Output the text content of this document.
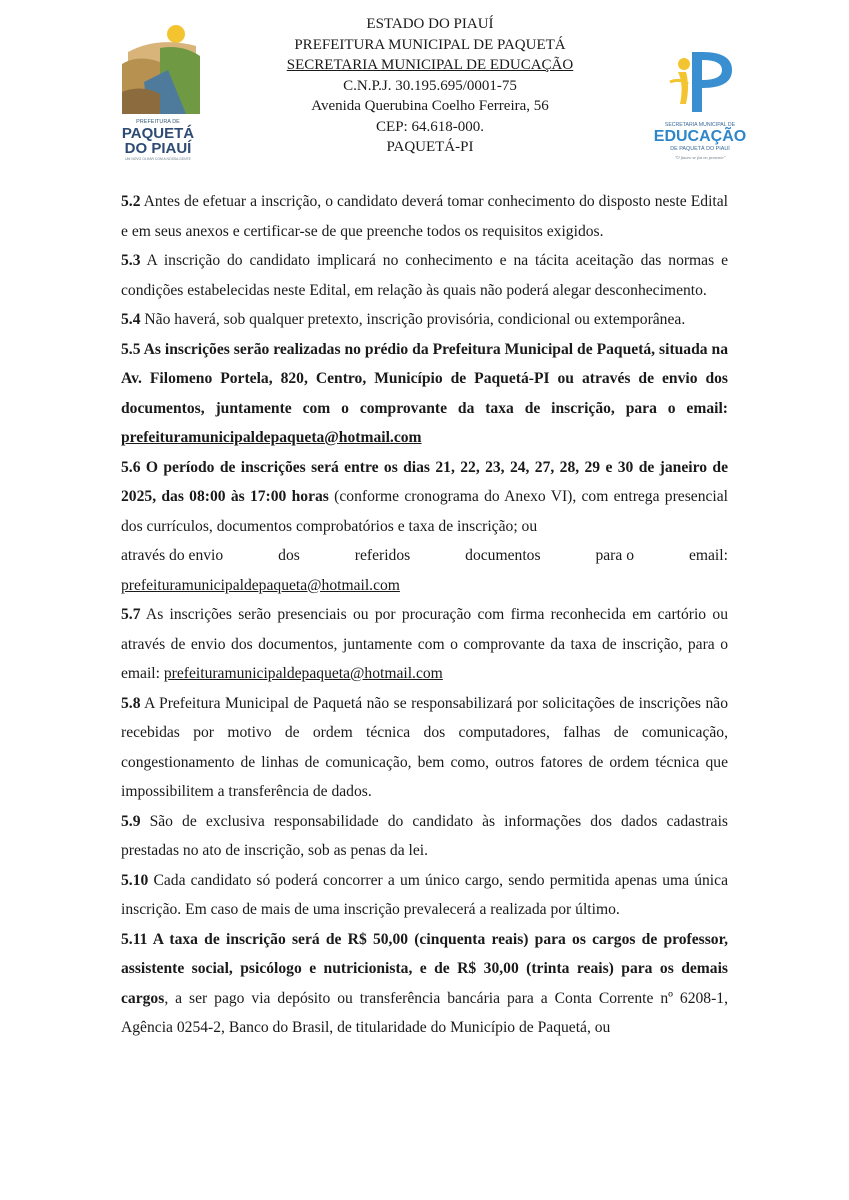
PREFEITURA DE
PAQUETÁ
DO PIAUÍ
UM NOVO OLHAR COM A NOSSA GENTE
ESTADO DO PIAUÍ
PREFEITURA MUNICIPAL DE PAQUETÁ
SECRETARIA MUNICIPAL DE EDUCAÇÃO
C.N.P.J. 30.195.695/0001-75
Avenida Querubina Coelho Ferreira, 56
CEP: 64.618-000.
PAQUETÁ-PI
SECRETARIA MUNICIPAL DE
EDUCAÇÃO
DE PAQUETÁ DO PIAUÍ
"O futuro se faz no presente"

5.2 Antes de efetuar a inscrição, o candidato deverá tomar conhecimento do disposto neste Edital e em seus anexos e certificar-se de que preenche todos os requisitos exigidos.

5.3 A inscrição do candidato implicará no conhecimento e na tácita aceitação das normas e condições estabelecidas neste Edital, em relação às quais não poderá alegar desconhecimento.

5.4 Não haverá, sob qualquer pretexto, inscrição provisória, condicional ou extemporânea.

5.5 As inscrições serão realizadas no prédio da Prefeitura Municipal de Paquetá, situada na Av. Filomeno Portela, 820, Centro, Município de Paquetá-PI ou através de envio dos documentos, juntamente com o comprovante da taxa de inscrição, para o email: prefeituramunicipaldepaqueta@hotmail.com

5.6 O período de inscrições será entre os dias 21, 22, 23, 24, 27, 28, 29 e 30 de janeiro de 2025, das 08:00 às 17:00 horas (conforme cronograma do Anexo VI), com entrega presencial dos currículos, documentos comprobatórios e taxa de inscrição; ou

através do envio	dos	referidos	documentos	para o	email:

prefeituramunicipaldepaqueta@hotmail.com

5.7 As inscrições serão presenciais ou por procuração com firma reconhecida em cartório ou através de envio dos documentos, juntamente com o comprovante da taxa de inscrição, para o email: prefeituramunicipaldepaqueta@hotmail.com

5.8 A Prefeitura Municipal de Paquetá não se responsabilizará por solicitações de inscrições não recebidas por motivo de ordem técnica dos computadores, falhas de comunicação, congestionamento de linhas de comunicação, bem como, outros fatores de ordem técnica que impossibilitem a transferência de dados.

5.9 São de exclusiva responsabilidade do candidato às informações dos dados cadastrais prestadas no ato de inscrição, sob as penas da lei.

5.10 Cada candidato só poderá concorrer a um único cargo, sendo permitida apenas uma única inscrição. Em caso de mais de uma inscrição prevalecerá a realizada por último.

5.11 A taxa de inscrição será de R$ 50,00 (cinquenta reais) para os cargos de professor, assistente social, psicólogo e nutricionista, e de R$ 30,00 (trinta reais) para os demais cargos, a ser pago via depósito ou transferência bancária para a Conta Corrente nº 6208-1, Agência 0254-2, Banco do Brasil, de titularidade do Município de Paquetá, ou
